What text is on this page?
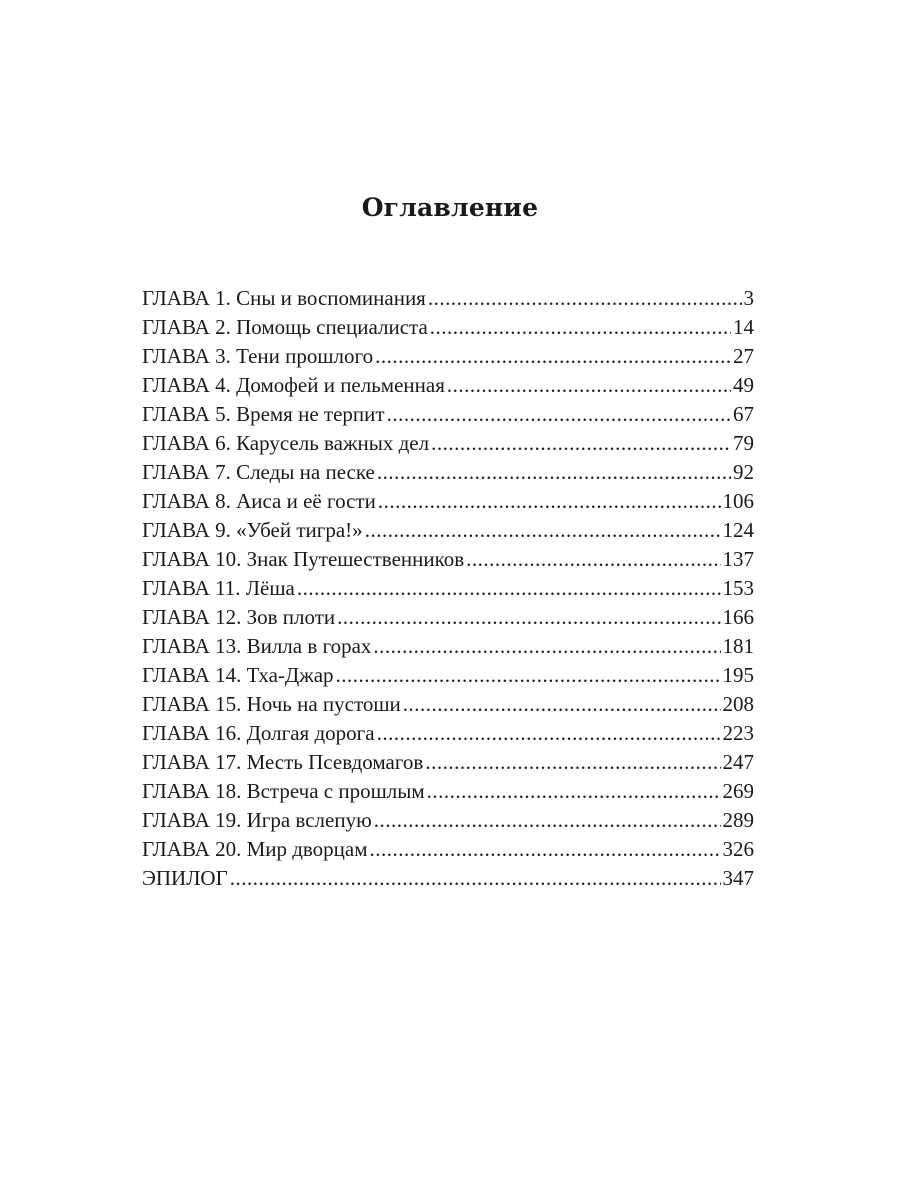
Оглавление
ГЛАВА 1. Сны и воспоминания .....	3
ГЛАВА 2. Помощь специалиста .....	14
ГЛАВА 3. Тени прошлого .....	27
ГЛАВА 4. Домофей и пельменная .....	49
ГЛАВА 5. Время не терпит .....	67
ГЛАВА 6. Карусель важных дел .....	79
ГЛАВА 7. Следы на песке .....	92
ГЛАВА 8. Аиса и её гости .....	106
ГЛАВА 9. «Убей тигра!» .....	124
ГЛАВА 10. Знак Путешественников .....	137
ГЛАВА 11. Лёша .....	153
ГЛАВА 12. Зов плоти .....	166
ГЛАВА 13. Вилла в горах .....	181
ГЛАВА 14. Тха-Джар .....	195
ГЛАВА 15. Ночь на пустоши .....	208
ГЛАВА 16. Долгая дорога .....	223
ГЛАВА 17. Месть Псевдомагов .....	247
ГЛАВА 18. Встреча с прошлым .....	269
ГЛАВА 19. Игра вслепую .....	289
ГЛАВА 20. Мир дворцам .....	326
ЭПИЛОГ .....	347
